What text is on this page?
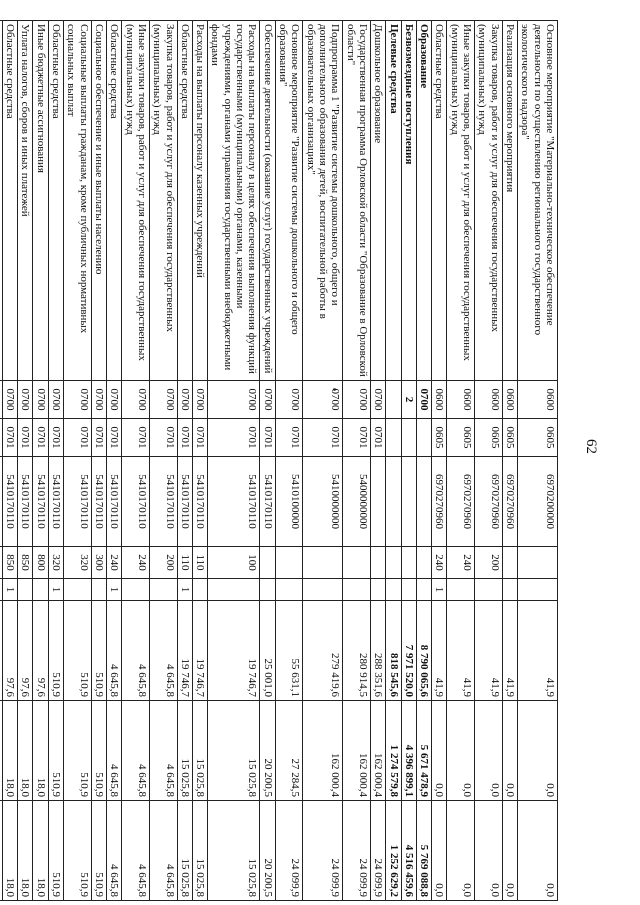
62
Основное мероприятие "Материально-техническое обеспечение деятельности по осуществлению регионального государственного экологического надзора"	0600	0605	6970200000			41,9	0,0	0,0
Реализация основного мероприятия	0600	0605	6970270960			41,9	0,0	0,0
Закупка товаров, работ и услуг для обеспечения государственных (муниципальных) нужд	0600	0605	6970270960	200		41,9	0,0	0,0
Иные закупки товаров, работ и услуг для обеспечения государственных (муниципальных) нужд	0600	0605	6970270960	240		41,9	0,0	0,0
Областные средства	0600	0605	6970270960	240	1	41,9	0,0	0,0
Образование	0700					8 790 065,6	5 671 478,9	5 769 088,8
Безвозмездные поступления	2					7 971 520,0	4 396 899,1	4 516 459,6
Целевые средства						818 545,6	1 274 579,8	1 252 629,2
Дошкольное образование	0700	0701				288 351,6	162 000,4	24 099,9
Государственная программа Орловской области "Образование в Орловской области"	0700	0701	5400000000			280 914,5	162 000,4	24 099,9
Подпрограмма 1 "Развитие системы дошкольного, общего и дополнительного образования детей, воспитательной работы в образовательных организациях"	0700	0701	5410000000			279 419,6	162 000,4	24 099,9
Основное мероприятие "Развитие системы дошкольного и общего образования"	0700	0701	5410100000			55 631,1	27 284,5	24 099,9
Обеспечение деятельности (оказание услуг) государственных учреждений	0700	0701	5410170110			25 001,0	20 200,5	20 200,5
Расходы на выплаты персоналу в целях обеспечения выполнения функций государственными (муниципальными) органами, казенными учреждениями, органами управления государственными внебюджетными фондами	0700	0701	5410170110	100		19 746,7	15 025,8	15 025,8
Расходы на выплаты персоналу казенных учреждений	0700	0701	5410170110	110		19 746,7	15 025,8	15 025,8
Областные средства	0700	0701	5410170110	110	1	19 746,7	15 025,8	15 025,8
Закупка товаров, работ и услуг для обеспечения государственных (муниципальных) нужд	0700	0701	5410170110	200		4 645,8	4 645,8	4 645,8
Иные закупки товаров, работ и услуг для обеспечения государственных (муниципальных) нужд	0700	0701	5410170110	240		4 645,8	4 645,8	4 645,8
Областные средства	0700	0701	5410170110	240	1	4 645,8	4 645,8	4 645,8
Социальное обеспечение и иные выплаты населению	0700	0701	5410170110	300		510,9	510,9	510,9
Социальные выплаты гражданам, кроме публичных нормативных социальных выплат	0700	0701	5410170110	320		510,9	510,9	510,9
Областные средства	0700	0701	5410170110	320	1	510,9	510,9	510,9
Иные бюджетные ассигнования	0700	0701	5410170110	800		97,6	18,0	18,0
Уплата налогов, сборов и иных платежей	0700	0701	5410170110	850		97,6	18,0	18,0
Областные средства	0700	0701	5410170110	850	1	97,6	18,0	18,0
